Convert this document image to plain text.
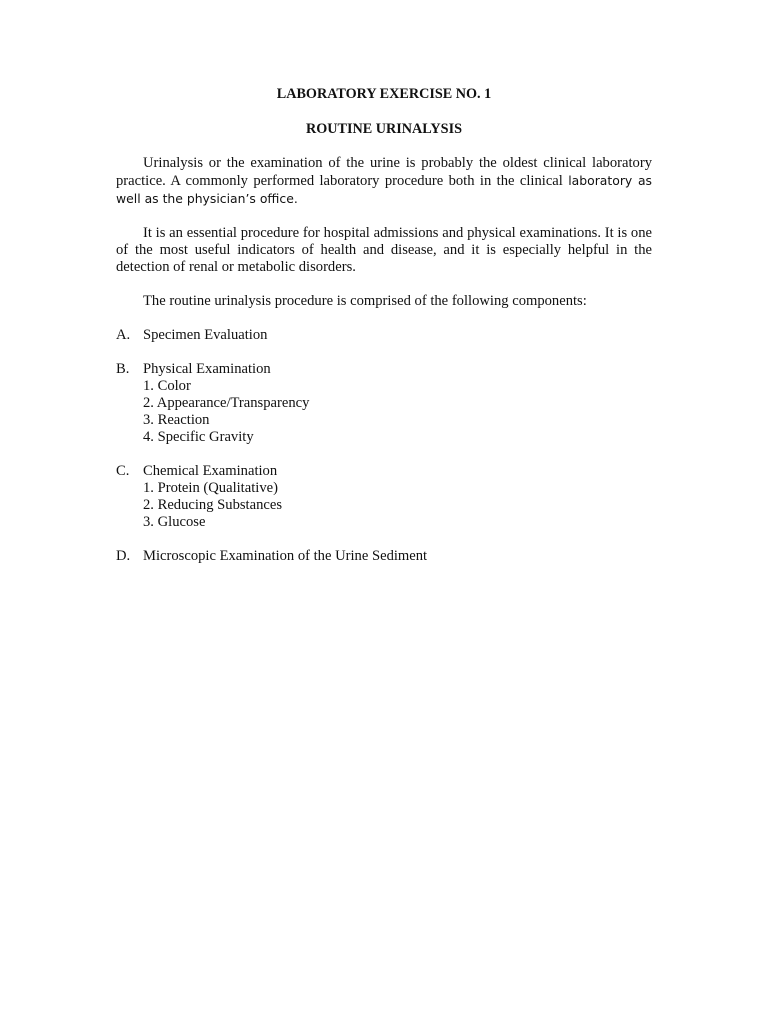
LABORATORY EXERCISE NO. 1

ROUTINE URINALYSIS

Urinalysis or the examination of the urine is probably the oldest clinical laboratory practice. A commonly performed laboratory procedure both in the clinical laboratory as well as the physician’s office.

It is an essential procedure for hospital admissions and physical examinations. It is one of the most useful indicators of health and disease, and it is especially helpful in the detection of renal or metabolic disorders.

The routine urinalysis procedure is comprised of the following components:

A. Specimen Evaluation
B. Physical Examination
1. Color
2. Appearance/Transparency
3. Reaction
4. Specific Gravity
C. Chemical Examination
1. Protein (Qualitative)
2. Reducing Substances
3. Glucose
D. Microscopic Examination of the Urine Sediment
